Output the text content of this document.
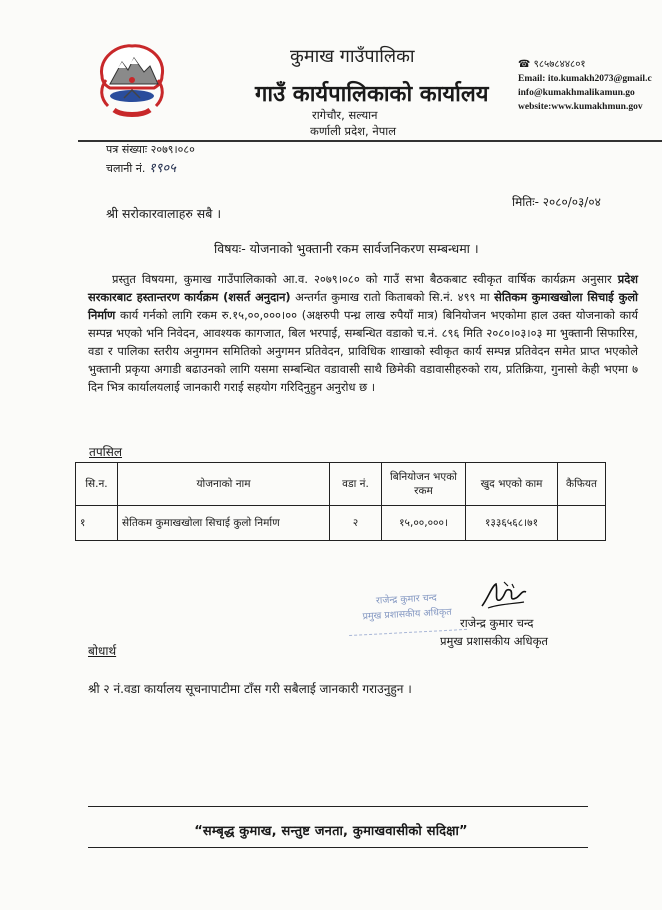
कुमाख गाउँपालिका
गाउँ कार्यपालिकाको कार्यालय
रागेचौर, सल्यान
कर्णाली प्रदेश, नेपाल
☎ ९८५७८४४८०१
Email: ito.kumakh2073@gmail.c
info@kumakhmalikamun.go
website:www.kumakhmun.gov
पत्र संख्याः २०७९।०८०
चलानी नं. १९०५
मितिः- २०८०/०३/०४
श्री सरोकारवालाहरु सबै ।
विषयः- योजनाको भुक्तानी रकम सार्वजनिकरण सम्बन्धमा ।
प्रस्तुत विषयमा, कुमाख गाउँपालिकाको आ.व. २०७९।०८० को गाउँ सभा बैठकबाट स्वीकृत वार्षिक कार्यक्रम अनुसार प्रदेश सरकारबाट हस्तान्तरण कार्यक्रम (शसर्त अनुदान) अन्तर्गत कुमाख रातो किताबको सि.नं. ४९९ मा सेतिकम कुमाखखोला सिचाई कुलो निर्माण कार्य गर्नको लागि रकम रु.१५,००,०००।०० (अक्षरुपी पन्ध्र लाख रुपैयाँ मात्र) बिनियोजन भएकोमा हाल उक्त योजनाको कार्य सम्पन्न भएको भनि निवेदन, आवश्यक कागजात, बिल भरपाई, सम्बन्धित वडाको च.नं. ८९६ मिति २०८०।०३।०३ मा भुक्तानी सिफारिस, वडा र पालिका स्तरीय अनुगमन समितिको अनुगमन प्रतिवेदन, प्राविधिक शाखाको स्वीकृत कार्य सम्पन्न प्रतिवेदन समेत प्राप्त भएकोले भुक्तानी प्रकृया अगाडी बढाउनको लागि यसमा सम्बन्धित वडावासी साथै छिमेकी वडावासीहरुको राय, प्रतिक्रिया, गुनासो केही भएमा ७ दिन भित्र कार्यालयलाई जानकारी गराई सहयोग गरिदिनुहुन अनुरोध छ ।
तपसिल
सि.न.	योजनाको नाम	वडा नं.	बिनियोजन भएको रकम	खुद भएको काम	कैफियत
१	सेतिकम कुमाखखोला सिचाई कुलो निर्माण	२	१५,००,०००।	१३३६५६८।७१	
राजेन्द्र कुमार चन्द
प्रमुख प्रशासकीय अधिकृत
राजेन्द्र कुमार चन्द
प्रमुख प्रशासकीय अधिकृत
बोधार्थ
श्री २ नं.वडा कार्यालय सूचनापाटीमा टाँस गरी सबैलाई जानकारी गराउनुहुन ।
“सम्बृद्ध कुमाख, सन्तुष्ट जनता, कुमाखवासीको सदिक्षा”
